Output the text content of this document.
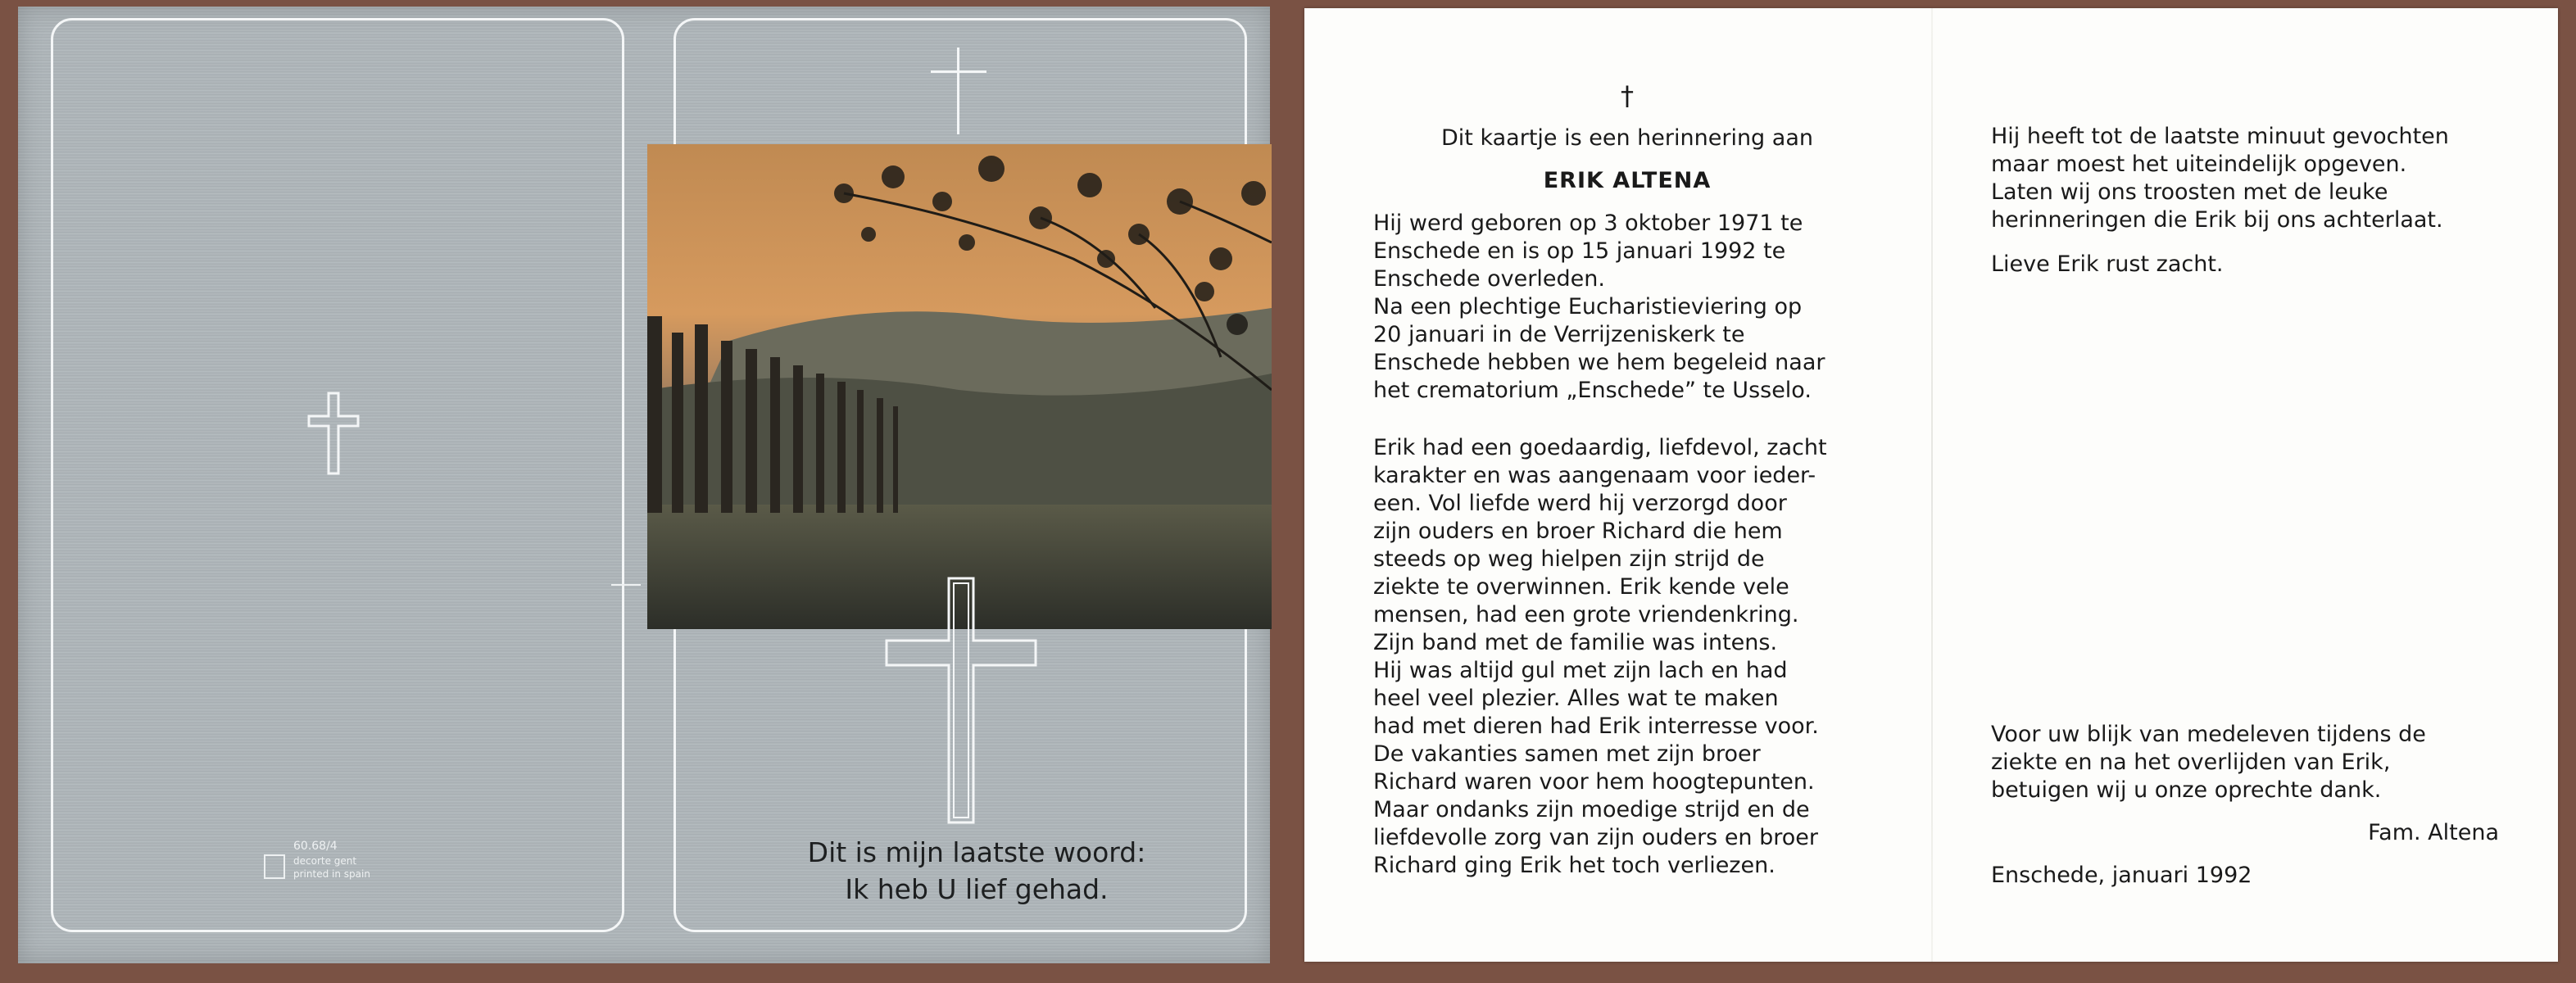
Dit is mijn laatste woord:
Ik heb U lief gehad.
60.68/4
decorte gent
printed in spain
†
Dit kaartje is een herinnering aan
ERIK ALTENA
Hij werd geboren op 3 oktober 1971 te
Enschede en is op 15 januari 1992 te
Enschede overleden.
Na een plechtige Eucharistieviering op
20 januari in de Verrijzeniskerk te
Enschede hebben we hem begeleid naar
het crematorium „Enschede” te Usselo.
Erik had een goedaardig, liefdevol, zacht
karakter en was aangenaam voor ieder-
een. Vol liefde werd hij verzorgd door
zijn ouders en broer Richard die hem
steeds op weg hielpen zijn strijd de
ziekte te overwinnen. Erik kende vele
mensen, had een grote vriendenkring.
Zijn band met de familie was intens.
Hij was altijd gul met zijn lach en had
heel veel plezier. Alles wat te maken
had met dieren had Erik interresse voor.
De vakanties samen met zijn broer
Richard waren voor hem hoogtepunten.
Maar ondanks zijn moedige strijd en de
liefdevolle zorg van zijn ouders en broer
Richard ging Erik het toch verliezen.
Hij heeft tot de laatste minuut gevochten
maar moest het uiteindelijk opgeven.
Laten wij ons troosten met de leuke
herinneringen die Erik bij ons achterlaat.
Lieve Erik rust zacht.
Voor uw blijk van medeleven tijdens de
ziekte en na het overlijden van Erik,
betuigen wij u onze oprechte dank.
Fam. Altena
Enschede, januari 1992
